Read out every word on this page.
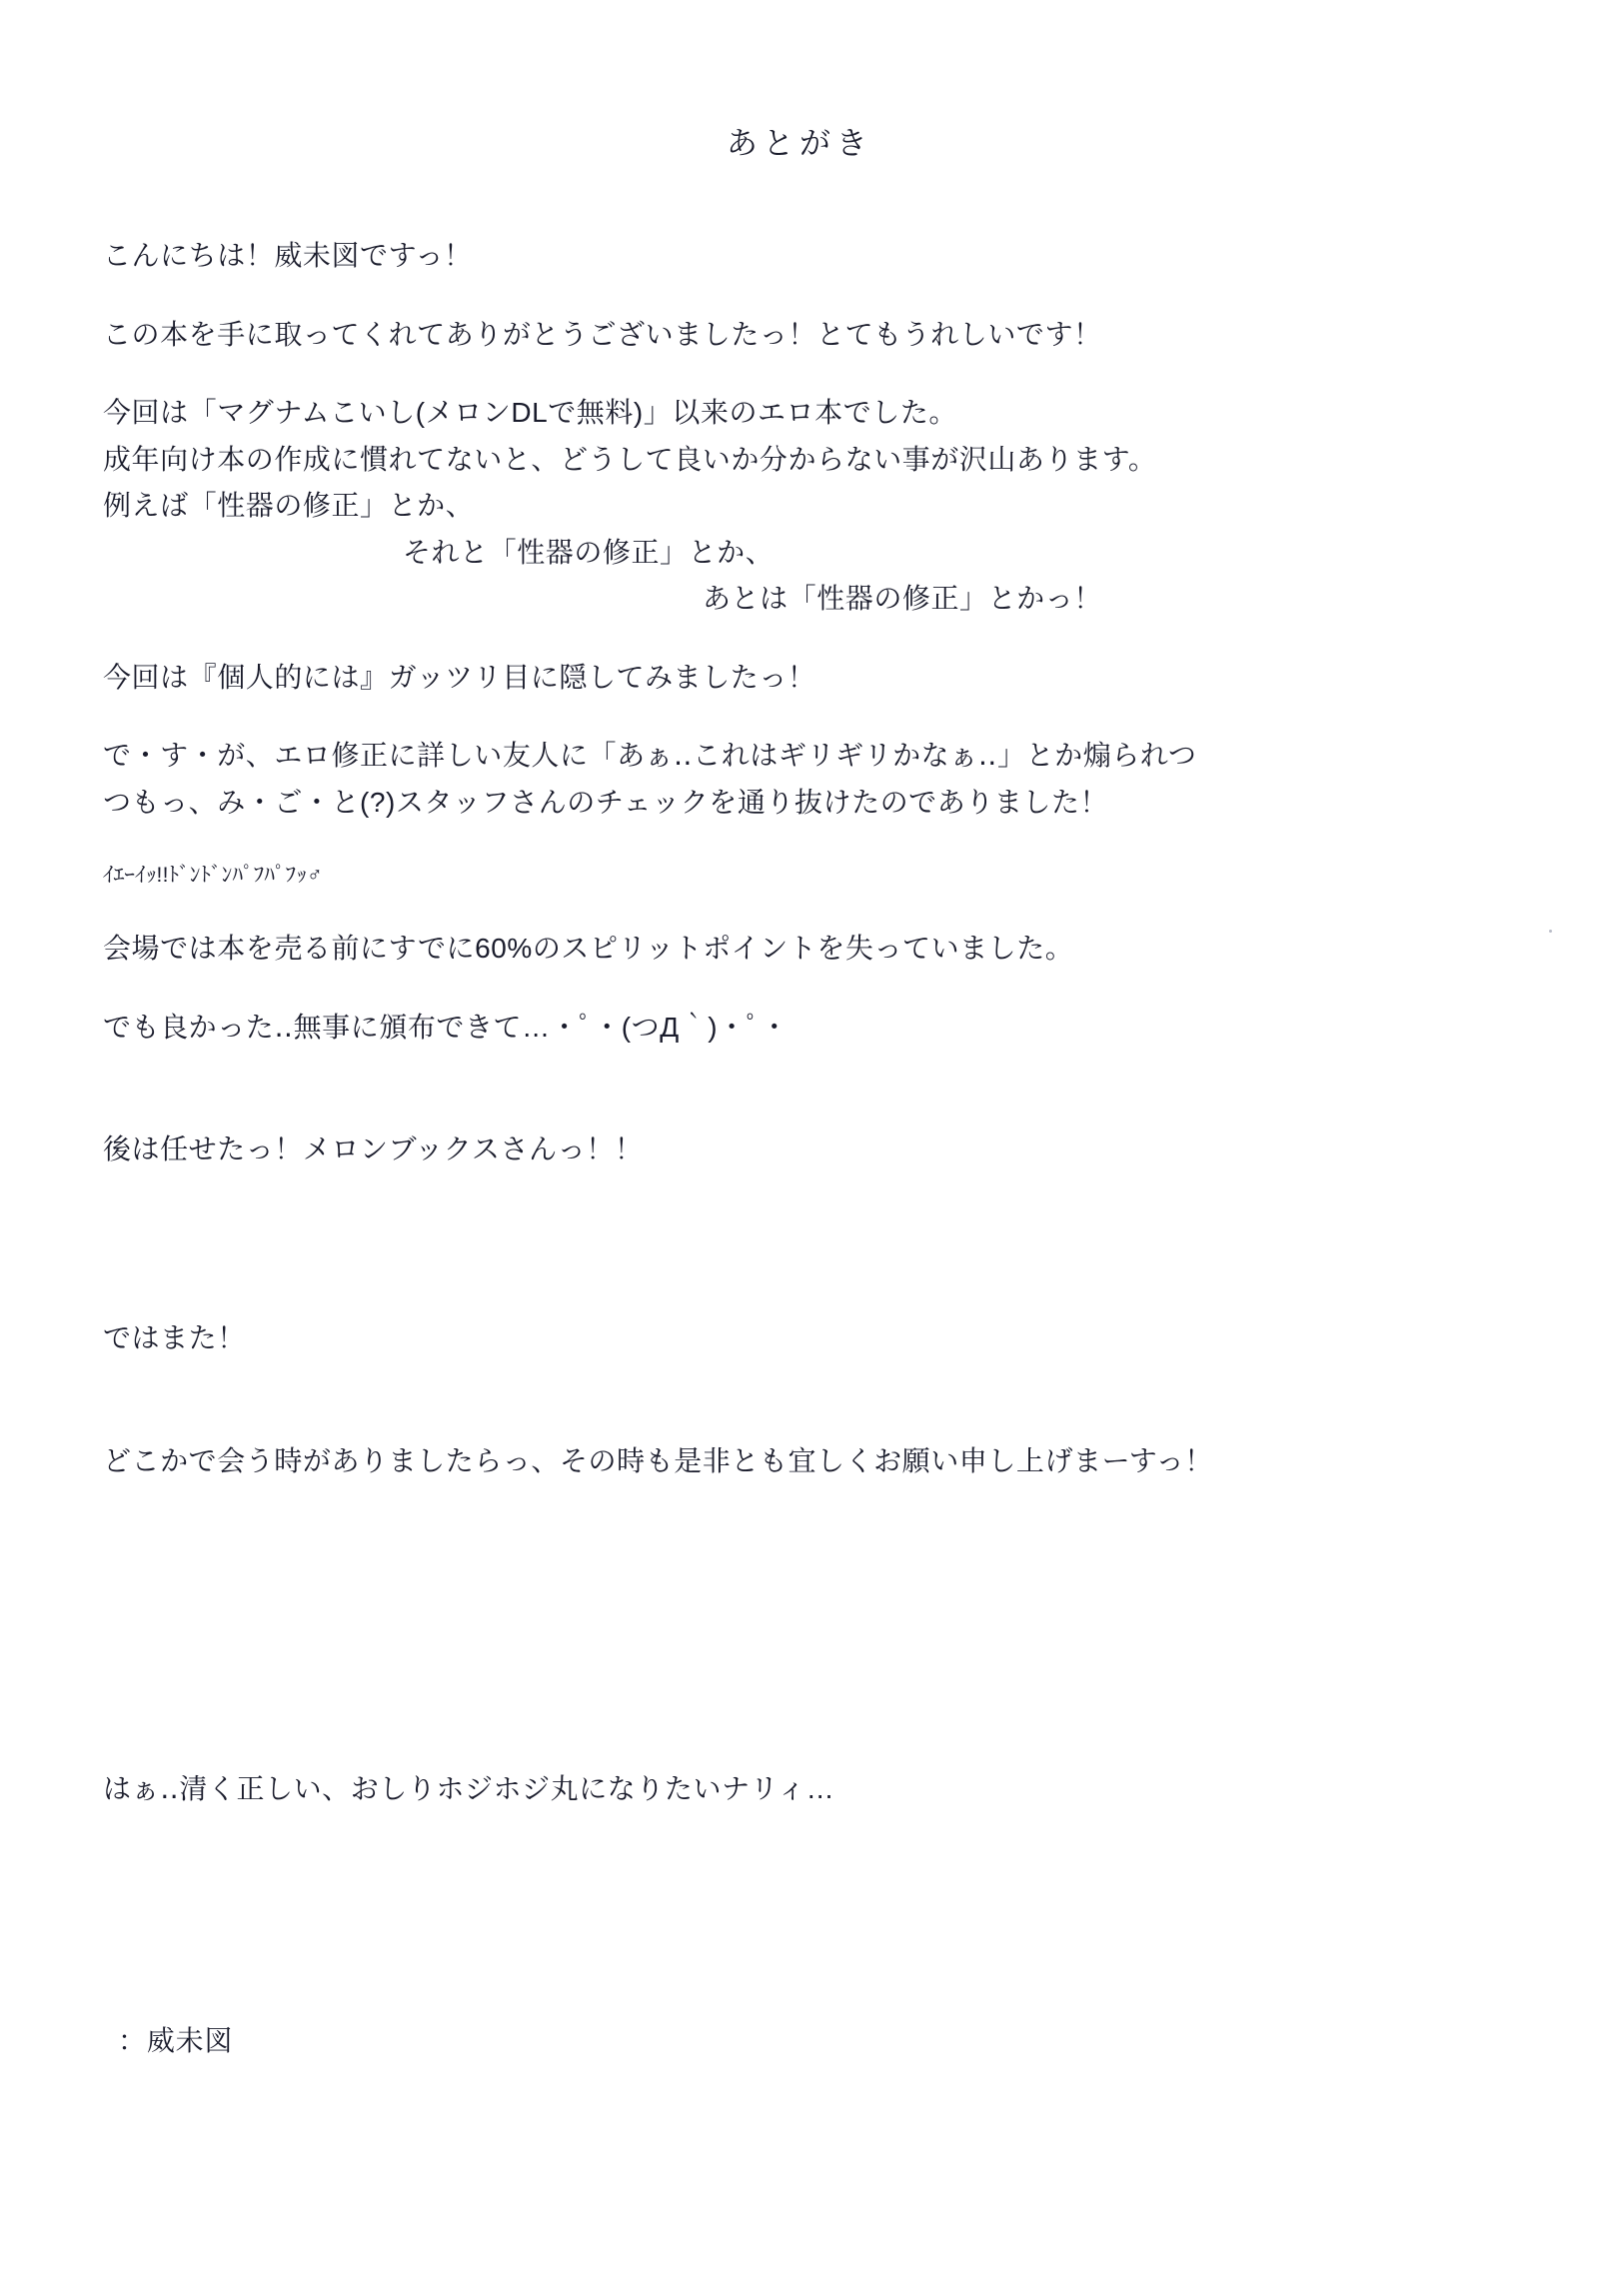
あとがき

こんにちは！威未図ですっ！

この本を手に取ってくれてありがとうございましたっ！とてもうれしいです！

今回は「マグナムこいし(メロンDLで無料)」以来のエロ本でした。

成年向け本の作成に慣れてないと、どうして良いか分からない事が沢山あります。

例えば「性器の修正」とか、

それと「性器の修正」とか、

あとは「性器の修正」とかっ！

今回は『個人的には』ガッツリ目に隠してみましたっ！

で・す・が、エロ修正に詳しい友人に「あぁ‥これはギリギリかなぁ‥」とか煽られつ

つもっ、み・ご・と(?)スタッフさんのチェックを通り抜けたのでありました！

ｲｴｰｲｯ!!ﾄﾞﾝﾄﾞﾝﾊﾟﾌﾊﾟﾌｯ♂

会場では本を売る前にすでに60%のスピリットポイントを失っていました。

でも良かった‥無事に頒布できて…・ﾟ・(つД｀)・ﾟ・

後は任せたっ！メロンブックスさんっ！！

ではまた！

どこかで会う時がありましたらっ、その時も是非とも宜しくお願い申し上げまーすっ！

はぁ‥清く正しい、おしりホジホジ丸になりたいナリィ…

：威未図
